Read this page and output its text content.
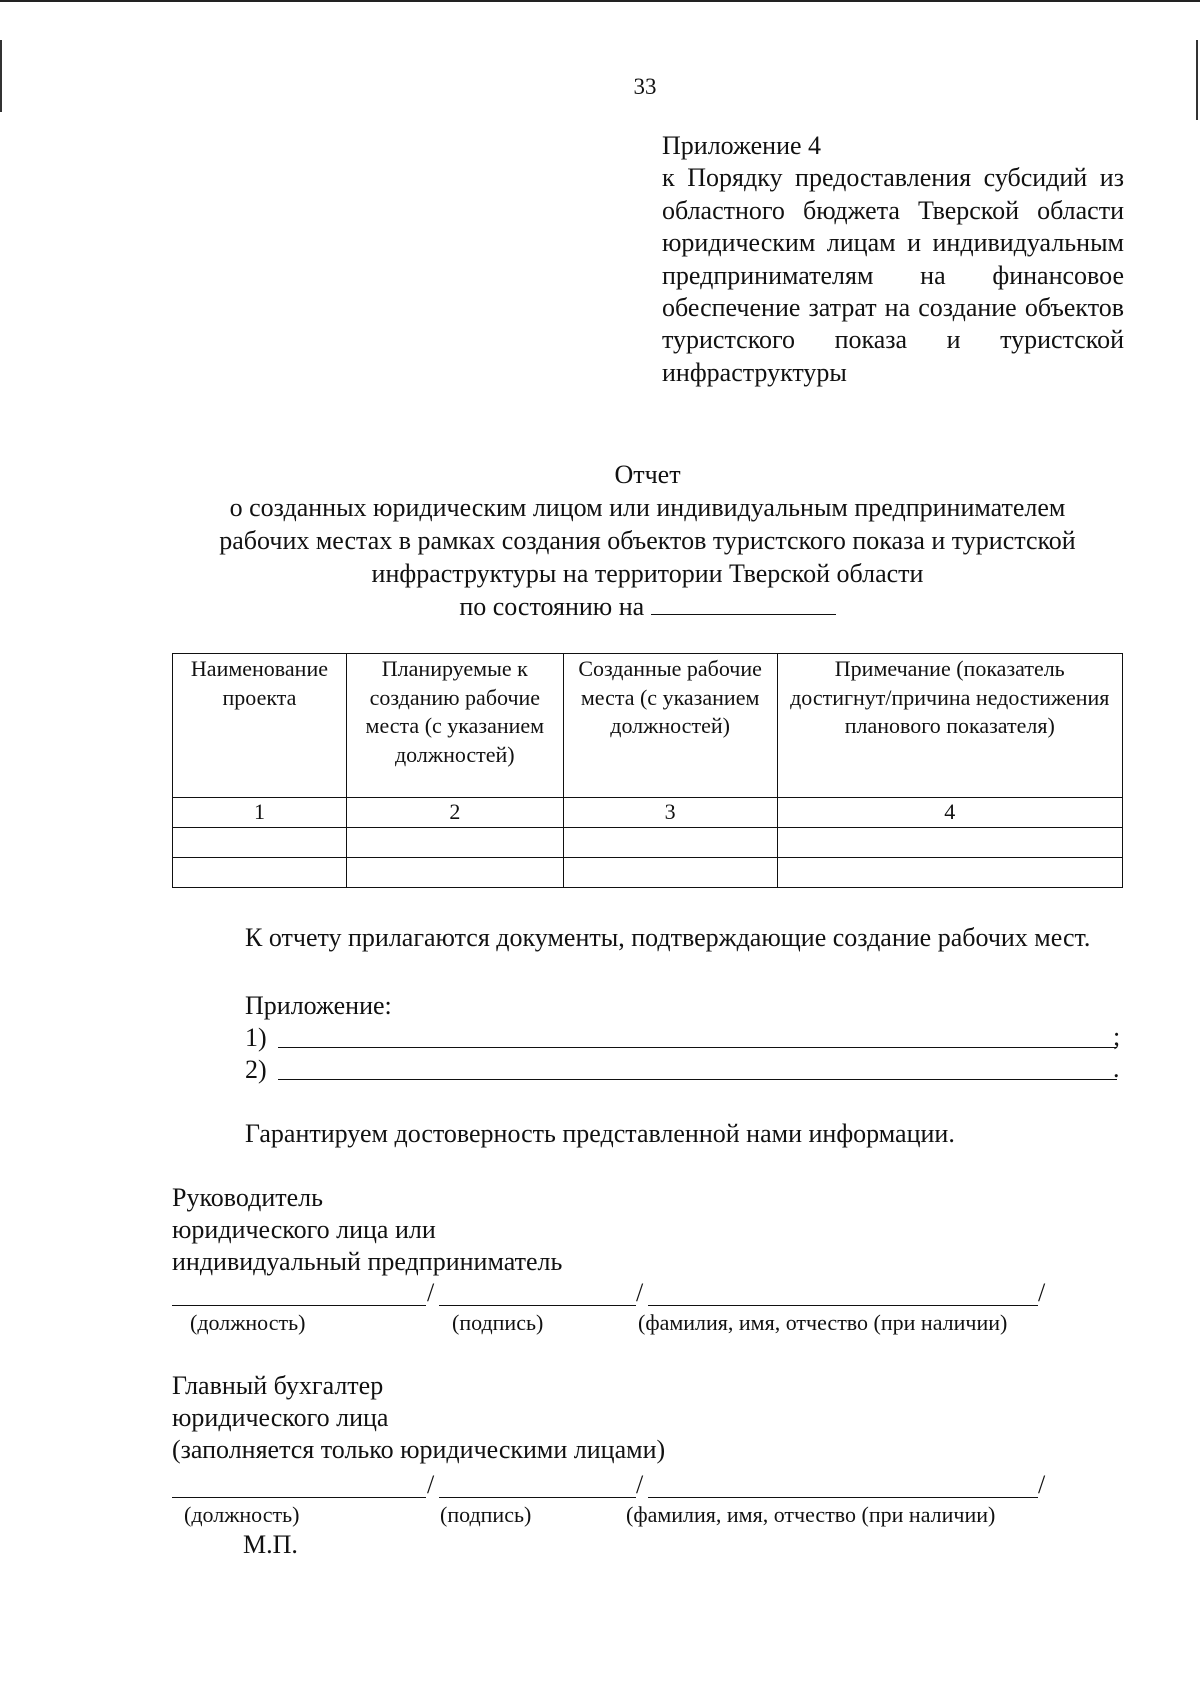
33
Приложение 4
к Порядку предоставления субсидий из областного бюджета Тверской области юридическим лицам и индивидуальным предпринимателям на финансовое обеспечение затрат на создание объектов туристского показа и туристской инфраструктуры
Отчет
о созданных юридическим лицом или индивидуальным предпринимателем
рабочих местах в рамках создания объектов туристского показа и туристской
инфраструктуры на территории Тверской области
по состоянию на
Наименование проекта	Планируемые к созданию рабочие места (с указанием должностей)	Созданные рабочие места (с указанием должностей)	Примечание (показатель достигнут/причина недостижения планового показателя)
1	2	3	4

К отчету прилагаются документы, подтверждающие создание рабочих мест.
Приложение:
1)	;
2)	.
Гарантируем достоверность представленной нами информации.
Руководитель
юридического лица или
индивидуальный предприниматель
/	/	/
(должность)	(подпись)	(фамилия, имя, отчество (при наличии)
Главный бухгалтер
юридического лица
(заполняется только юридическими лицами)
/	/	/
(должность)	(подпись)	(фамилия, имя, отчество (при наличии)
М.П.
